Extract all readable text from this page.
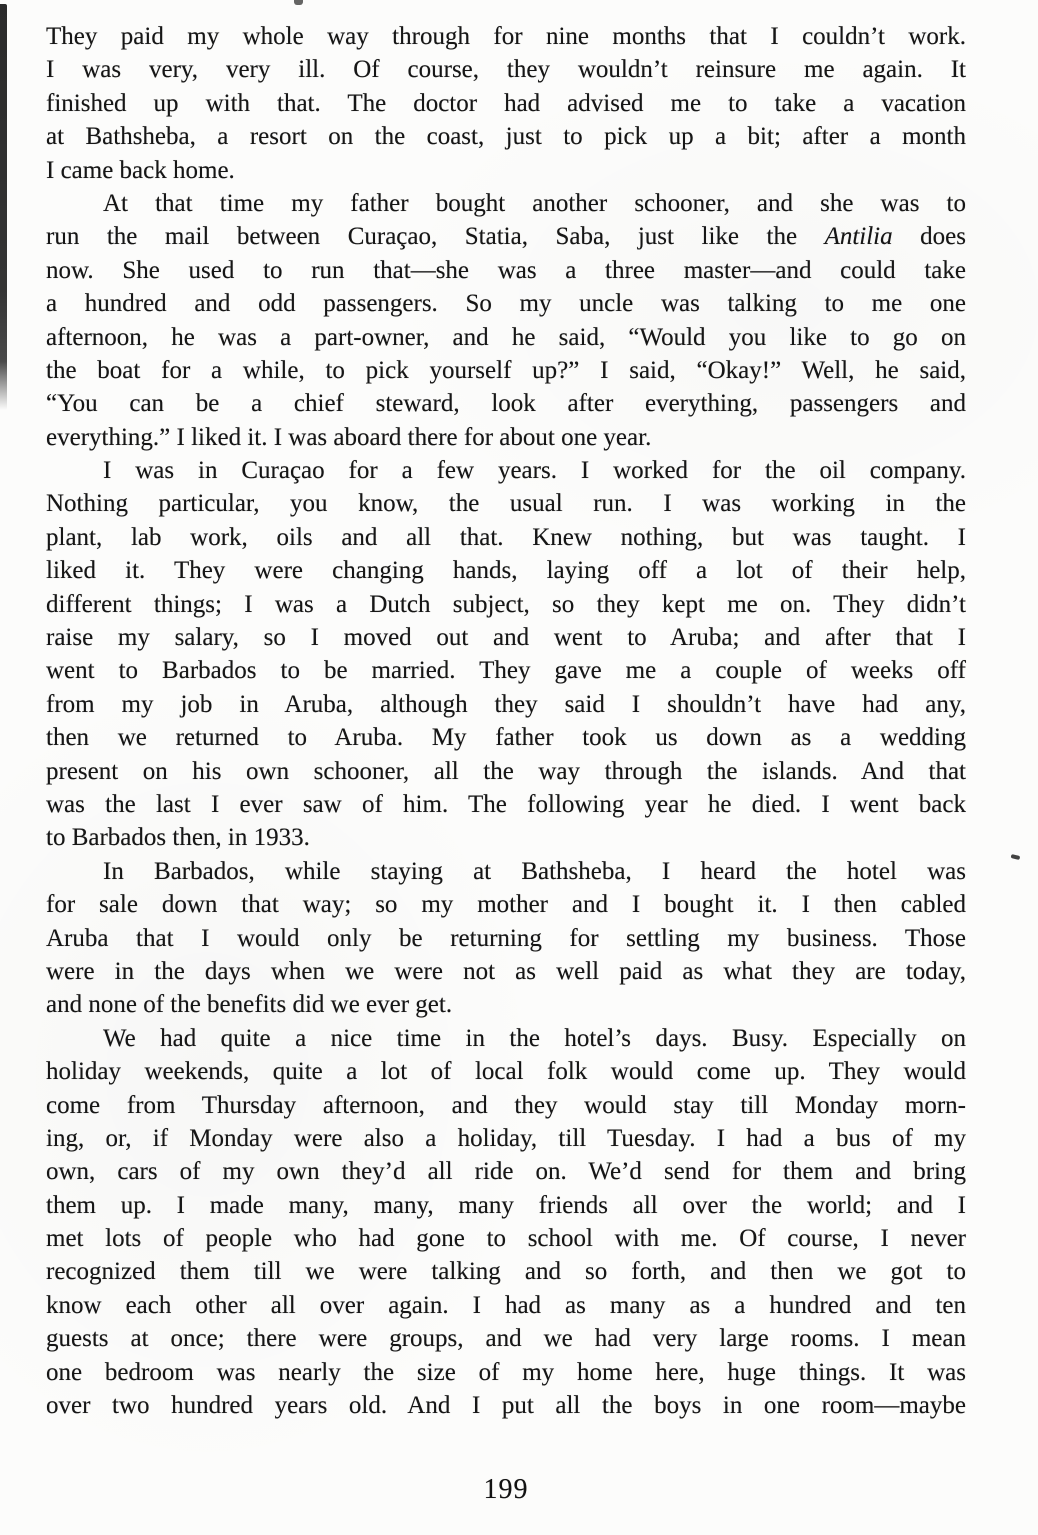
They paid my whole way through for nine months that I couldn’t work.
I was very, very ill. Of course, they wouldn’t reinsure me again. It
finished up with that. The doctor had advised me to take a vacation
at Bathsheba, a resort on the coast, just to pick up a bit; after a month
I came back home.
At that time my father bought another schooner, and she was to
run the mail between Curaçao, Statia, Saba, just like the Antilia does
now. She used to run that—she was a three master—and could take
a hundred and odd passengers. So my uncle was talking to me one
afternoon, he was a part-owner, and he said, “Would you like to go on
the boat for a while, to pick yourself up?” I said, “Okay!” Well, he said,
“You can be a chief steward, look after everything, passengers and
everything.” I liked it. I was aboard there for about one year.
I was in Curaçao for a few years. I worked for the oil company.
Nothing particular, you know, the usual run. I was working in the
plant, lab work, oils and all that. Knew nothing, but was taught. I
liked it. They were changing hands, laying off a lot of their help,
different things; I was a Dutch subject, so they kept me on. They didn’t
raise my salary, so I moved out and went to Aruba; and after that I
went to Barbados to be married. They gave me a couple of weeks off
from my job in Aruba, although they said I shouldn’t have had any,
then we returned to Aruba. My father took us down as a wedding
present on his own schooner, all the way through the islands. And that
was the last I ever saw of him. The following year he died. I went back
to Barbados then, in 1933.
In Barbados, while staying at Bathsheba, I heard the hotel was
for sale down that way; so my mother and I bought it. I then cabled
Aruba that I would only be returning for settling my business. Those
were in the days when we were not as well paid as what they are today,
and none of the benefits did we ever get.
We had quite a nice time in the hotel’s days. Busy. Especially on
holiday weekends, quite a lot of local folk would come up. They would
come from Thursday afternoon, and they would stay till Monday morn-
ing, or, if Monday were also a holiday, till Tuesday. I had a bus of my
own, cars of my own they’d all ride on. We’d send for them and bring
them up. I made many, many, many friends all over the world; and I
met lots of people who had gone to school with me. Of course, I never
recognized them till we were talking and so forth, and then we got to
know each other all over again. I had as many as a hundred and ten
guests at once; there were groups, and we had very large rooms. I mean
one bedroom was nearly the size of my home here, huge things. It was
over two hundred years old. And I put all the boys in one room—maybe
199
